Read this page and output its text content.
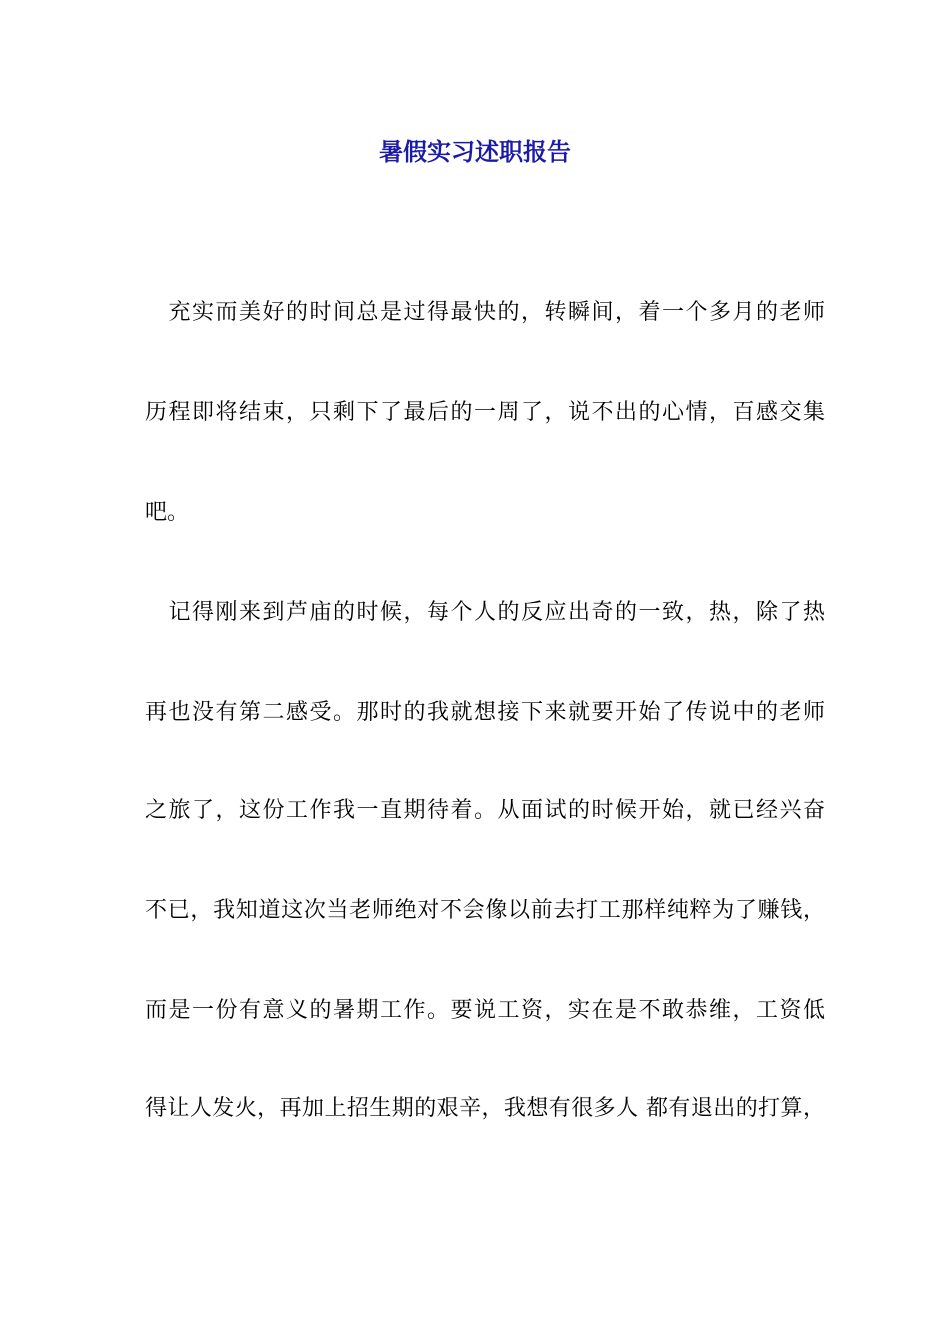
暑假实习述职报告
　充实而美好的时间总是过得最快的，转瞬间，着一个多月的老师
历程即将结束，只剩下了最后的一周了，说不出的心情，百感交集
吧。
　记得刚来到芦庙的时候，每个人的反应出奇的一致，热，除了热
再也没有第二感受。那时的我就想接下来就要开始了传说中的老师
之旅了，这份工作我一直期待着。从面试的时候开始，就已经兴奋
不已，我知道这次当老师绝对不会像以前去打工那样纯粹为了赚钱，
而是一份有意义的暑期工作。要说工资，实在是不敢恭维，工资低
得让人发火，再加上招生期的艰辛，我想有很多人 都有退出的打算，
